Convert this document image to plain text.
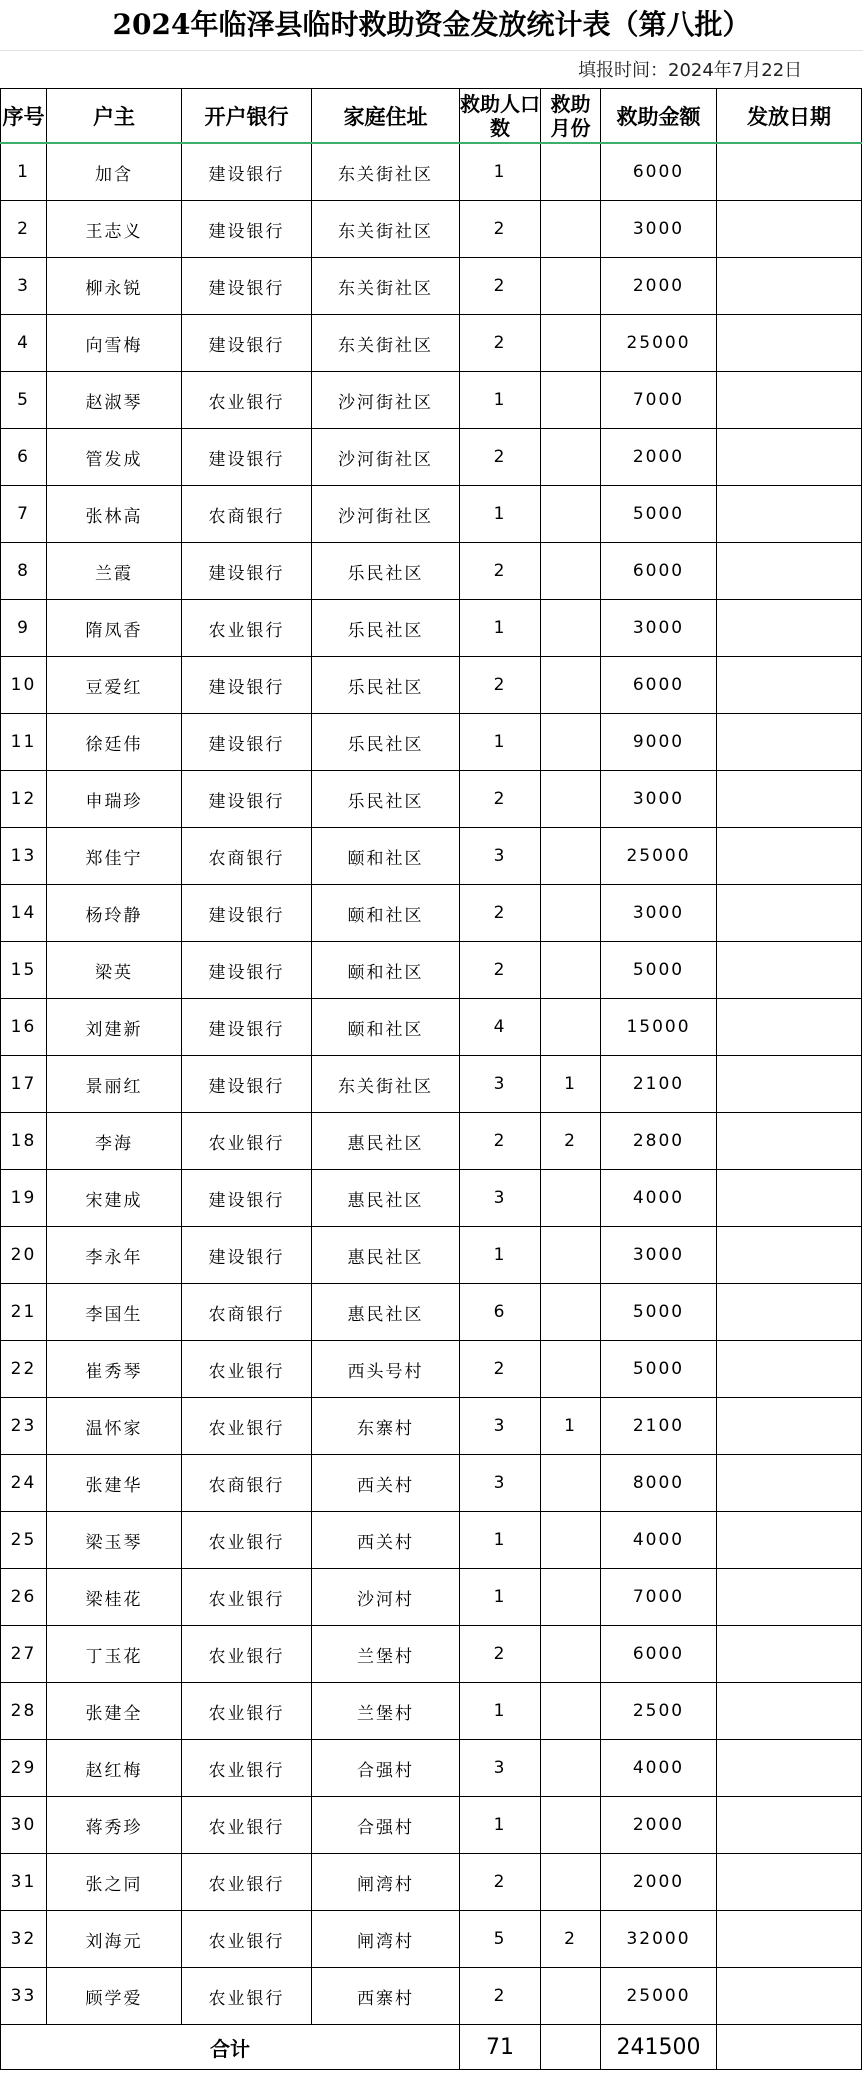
2024年临泽县临时救助资金发放统计表（第八批）
填报时间：2024年7月22日
序号	户主	开户银行	家庭住址	救助人口数	救助月份	救助金额	发放日期
1	加含	建设银行	东关街社区	1		6000	
2	王志义	建设银行	东关街社区	2		3000	
3	柳永锐	建设银行	东关街社区	2		2000	
4	向雪梅	建设银行	东关街社区	2		25000	
5	赵淑琴	农业银行	沙河街社区	1		7000	
6	管发成	建设银行	沙河街社区	2		2000	
7	张林高	农商银行	沙河街社区	1		5000	
8	兰霞	建设银行	乐民社区	2		6000	
9	隋凤香	农业银行	乐民社区	1		3000	
10	豆爱红	建设银行	乐民社区	2		6000	
11	徐廷伟	建设银行	乐民社区	1		9000	
12	申瑞珍	建设银行	乐民社区	2		3000	
13	郑佳宁	农商银行	颐和社区	3		25000	
14	杨玲静	建设银行	颐和社区	2		3000	
15	梁英	建设银行	颐和社区	2		5000	
16	刘建新	建设银行	颐和社区	4		15000	
17	景丽红	建设银行	东关街社区	3	1	2100	
18	李海	农业银行	惠民社区	2	2	2800	
19	宋建成	建设银行	惠民社区	3		4000	
20	李永年	建设银行	惠民社区	1		3000	
21	李国生	农商银行	惠民社区	6		5000	
22	崔秀琴	农业银行	西头号村	2		5000	
23	温怀家	农业银行	东寨村	3	1	2100	
24	张建华	农商银行	西关村	3		8000	
25	梁玉琴	农业银行	西关村	1		4000	
26	梁桂花	农业银行	沙河村	1		7000	
27	丁玉花	农业银行	兰堡村	2		6000	
28	张建全	农业银行	兰堡村	1		2500	
29	赵红梅	农业银行	合强村	3		4000	
30	蒋秀珍	农业银行	合强村	1		2000	
31	张之同	农业银行	闸湾村	2		2000	
32	刘海元	农业银行	闸湾村	5	2	32000	
33	顾学爱	农业银行	西寨村	2		25000	
合计				71		241500	
